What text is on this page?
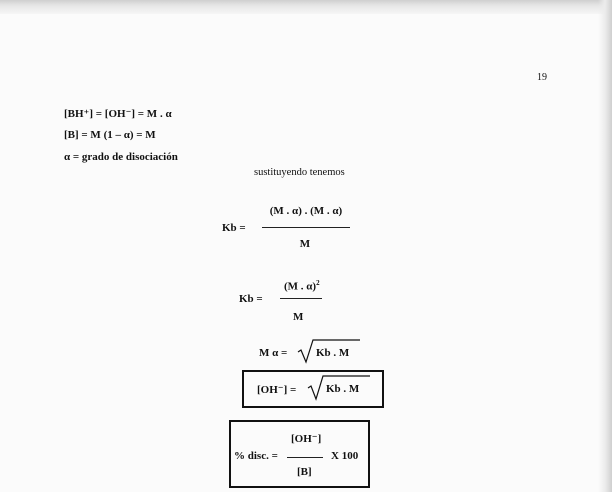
19
[BH⁺] = [OH⁻] = M . α
[B] = M (1 – α) = M
α = grado de disociación
sustituyendo tenemos
Kb =
(M . α) . (M . α)
M
Kb =
(M . α)$^2$
M
M α =	Kb . M
[OH⁻] =	Kb . M
[OH⁻]
% disc. =	X 100
[B]
